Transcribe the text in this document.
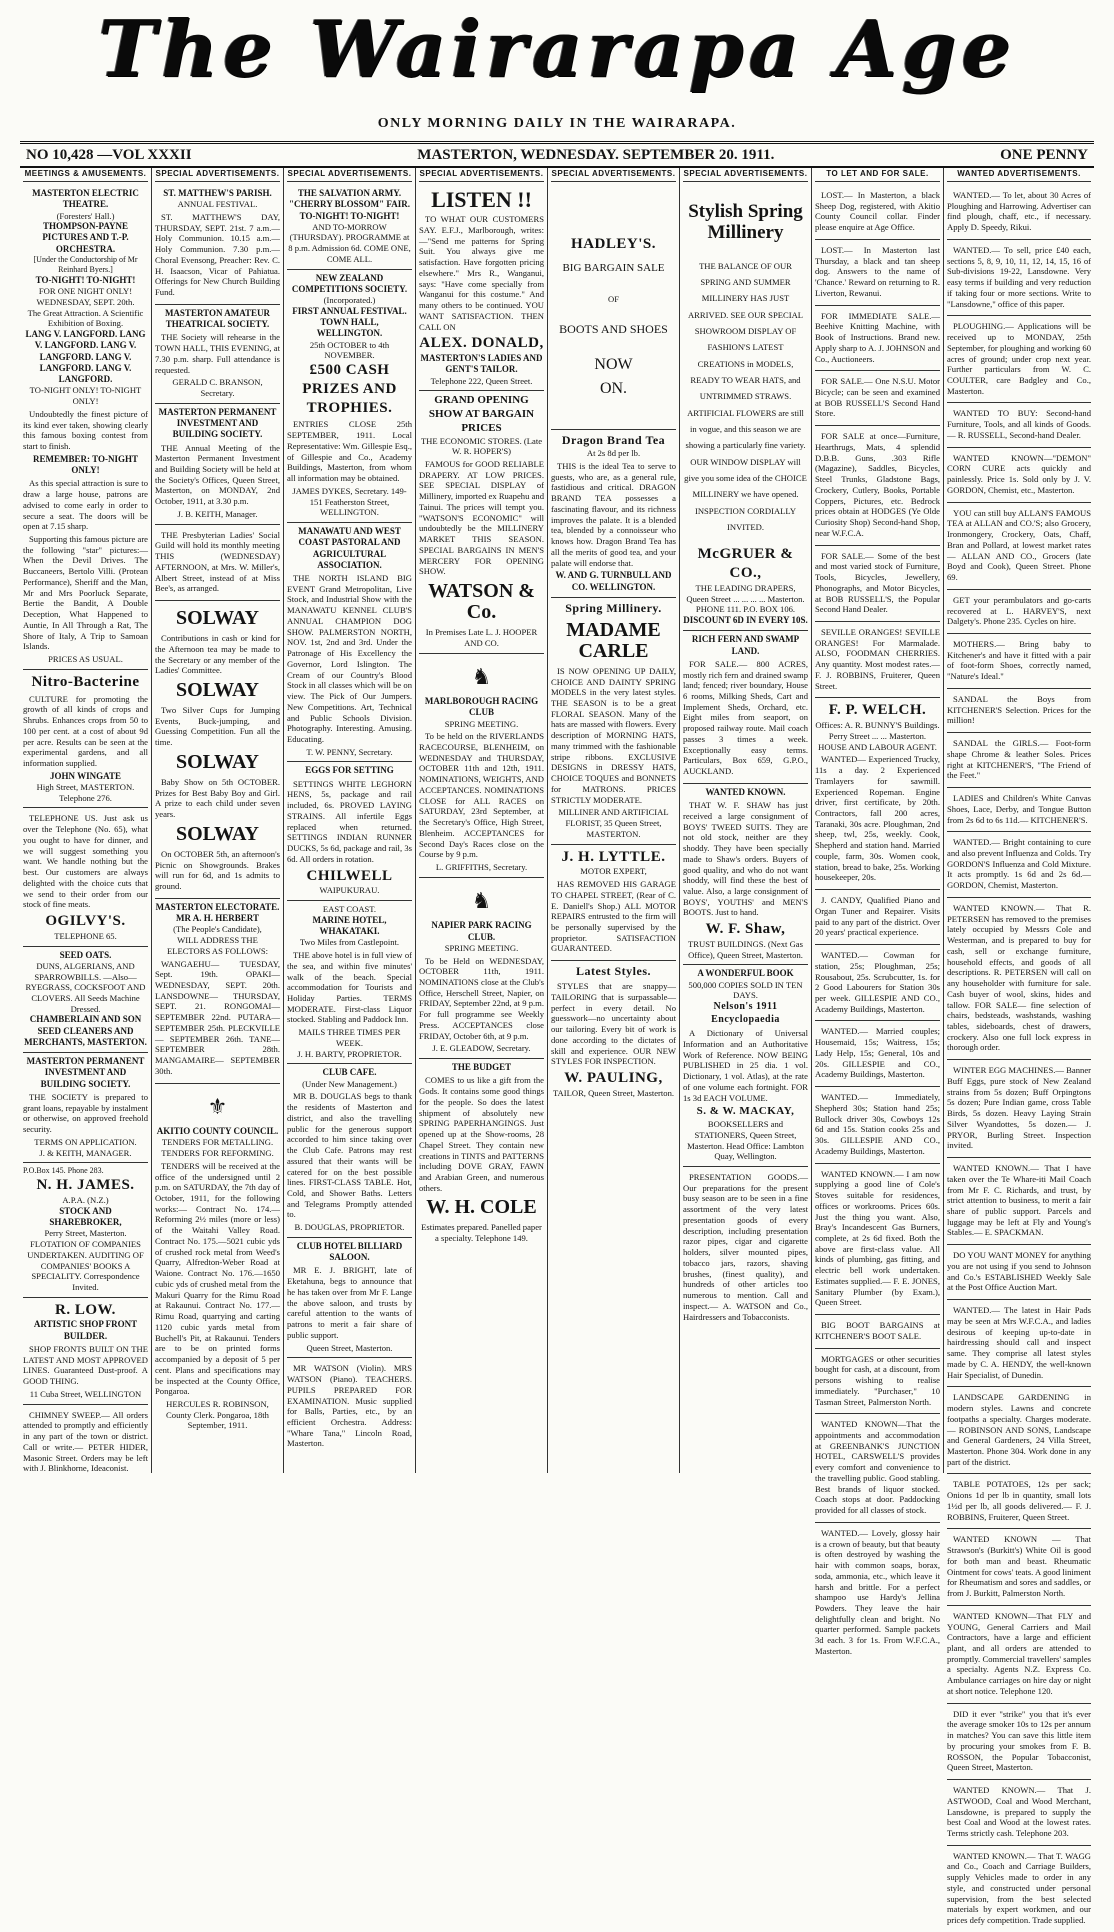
The Wairarapa Age
ONLY MORNING DAILY IN THE WAIRARAPA.
NO 10,428 —VOL XXXII	MASTERTON, WEDNESDAY. SEPTEMBER 20. 1911.	ONE PENNY
MEETINGS & AMUSEMENTS.
MASTERTON ELECTRIC THEATRE.
(Foresters' Hall.)
THOMPSON-PAYNE PICTURES AND T.-P. ORCHESTRA.
[Under the Conductorship of Mr Reinhard Byers.]
TO-NIGHT! TO-NIGHT!
FOR ONE NIGHT ONLY! WEDNESDAY, SEPT. 20th.
The Great Attraction. A Scientific Exhibition of Boxing.
LANG V. LANGFORD. LANG V. LANGFORD. LANG V. LANGFORD. LANG V. LANGFORD. LANG V. LANGFORD.
TO-NIGHT ONLY! TO-NIGHT ONLY!
Undoubtedly the finest picture of its kind ever taken, showing clearly this famous boxing contest from start to finish.
REMEMBER: TO-NIGHT ONLY!
As this special attraction is sure to draw a large house, patrons are advised to come early in order to secure a seat. The doors will be open at 7.15 sharp.
Supporting this famous picture are the following "star" pictures:— When the Devil Drives. The Buccaneers, Bertolo Villi. (Protean Performance), Sheriff and the Man, Mr and Mrs Poorluck Separate, Bertie the Bandit, A Double Deception, What Happened to Auntie, In All Through a Rat, The Shore of Italy, A Trip to Samoan Islands.
PRICES AS USUAL.
Nitro-Bacterine
CULTURE for promoting the growth of all kinds of crops and Shrubs. Enhances crops from 50 to 100 per cent. at a cost of about 9d per acre. Results can be seen at the experimental gardens, and all information supplied.
JOHN WINGATE
High Street, MASTERTON.
Telephone 276.
TELEPHONE US. Just ask us over the Telephone (No. 65), what you ought to have for dinner, and we will suggest something you want. We handle nothing but the best. Our customers are always delighted with the choice cuts that we send to their order from our stock of fine meats.
OGILVY'S.
TELEPHONE 65.
SEED OATS.
DUNS, ALGERIANS, AND SPARROWBILLS. —Also— RYEGRASS, COCKSFOOT AND CLOVERS. All Seeds Machine Dressed.
CHAMBERLAIN AND SON SEED CLEANERS AND MERCHANTS, MASTERTON.
MASTERTON PERMANENT INVESTMENT AND BUILDING SOCIETY.
THE SOCIETY is prepared to grant loans, repayable by instalment or otherwise, on approved freehold security.
TERMS ON APPLICATION.
J. & KEITH, MANAGER.
P.O.Box 145. Phone 283.
N. H. JAMES.
A.P.A. (N.Z.)
STOCK AND SHAREBROKER,
Perry Street, Masterton.
FLOTATION OF COMPANIES UNDERTAKEN. AUDITING OF COMPANIES' BOOKS A SPECIALITY. Correspondence Invited.
R. LOW.
ARTISTIC SHOP FRONT BUILDER.
SHOP FRONTS BUILT ON THE LATEST AND MOST APPROVED LINES. Guaranteed Dust-proof. A GOOD THING.
11 Cuba Street, WELLINGTON
CHIMNEY SWEEP.— All orders attended to promptly and efficiently in any part of the town or district. Call or write.— PETER HIDER, Masonic Street. Orders may be left with J. Blinkhorne, Ideaconist.
SPECIAL ADVERTISEMENTS.
ST. MATTHEW'S PARISH.
ANNUAL FESTIVAL.
ST. MATTHEW'S DAY, THURSDAY, SEPT. 21st. 7 a.m.—Holy Communion. 10.15 a.m.—Holy Communion. 7.30 p.m.—Choral Evensong, Preacher: Rev. C. H. Isaacson, Vicar of Pahiatua. Offerings for New Church Building Fund.
MASTERTON AMATEUR THEATRICAL SOCIETY.
THE Society will rehearse in the TOWN HALL, THIS EVENING, at 7.30 p.m. sharp. Full attendance is requested.
GERALD C. BRANSON, Secretary.
MASTERTON PERMANENT INVESTMENT AND BUILDING SOCIETY.
THE Annual Meeting of the Masterton Permanent Investment and Building Society will be held at the Society's Offices, Queen Street, Masterton, on MONDAY, 2nd October, 1911, at 3.30 p.m.
J. B. KEITH, Manager.
THE Presbyterian Ladies' Social Guild will hold its monthly meeting THIS (WEDNESDAY) AFTERNOON, at Mrs. W. Miller's, Albert Street, instead of at Miss Bee's, as arranged.
SOLWAY
Contributions in cash or kind for the Afternoon tea may be made to the Secretary or any member of the Ladies' Committee.
SOLWAY
Two Silver Cups for Jumping Events, Buck-jumping, and Guessing Competition. Fun all the time.
SOLWAY
Baby Show on 5th OCTOBER. Prizes for Best Baby Boy and Girl. A prize to each child under seven years.
SOLWAY
On OCTOBER 5th, an afternoon's Picnic on Showgrounds. Brakes will run for 6d, and 1s admits to ground.
MASTERTON ELECTORATE.
MR A. H. HERBERT
(The People's Candidate),
WILL ADDRESS THE ELECTORS AS FOLLOWS:
WANGAEHU— TUESDAY, Sept. 19th. OPAKI— WEDNESDAY, SEPT. 20th. LANSDOWNE— THURSDAY, SEPT. 21. RONGOMAI— SEPTEMBER 22nd. PUTARA— SEPTEMBER 25th. PLECKVILLE— SEPTEMBER 26th. TANE— SEPTEMBER 28th. MANGAMAIRE— SEPTEMBER 30th.
⚜
AKITIO COUNTY COUNCIL.
TENDERS FOR METALLING. TENDERS FOR REFORMING.
TENDERS will be received at the office of the undersigned until 2 p.m. on SATURDAY, the 7th day of October, 1911, for the following works:— Contract No. 174.—Reforming 2½ miles (more or less) of the Waitahi Valley Road. Contract No. 175.—5021 cubic yds of crushed rock metal from Weed's Quarry, Alfredton-Weber Road at Waione. Contract No. 176.—1650 cubic yds of crushed metal from the Makuri Quarry for the Rimu Road at Rakaunui. Contract No. 177.—Rimu Road, quarrying and carting 1120 cubic yards metal from Buchell's Pit, at Rakaunui. Tenders are to be on printed forms accompanied by a deposit of 5 per cent. Plans and specifications may be inspected at the County Office, Pongaroa.
HERCULES R. ROBINSON, County Clerk. Pongaroa, 18th September, 1911.
SPECIAL ADVERTISEMENTS.
THE SALVATION ARMY.
"CHERRY BLOSSOM" FAIR.
TO-NIGHT! TO-NIGHT!
AND TO-MORROW (THURSDAY). PROGRAMME at 8 p.m. Admission 6d. COME ONE, COME ALL.
NEW ZEALAND COMPETITIONS SOCIETY.
(Incorporated.)
FIRST ANNUAL FESTIVAL.
TOWN HALL, WELLINGTON.
25th OCTOBER to 4th NOVEMBER.
£500 CASH PRIZES AND TROPHIES.
ENTRIES CLOSE 25th SEPTEMBER, 1911. Local Representative: Wm. Gillespie Esq., of Gillespie and Co., Academy Buildings, Masterton, from whom all information may be obtained.
JAMES DYKES, Secretary. 149-151 Featherston Street, WELLINGTON.
MANAWATU AND WEST COAST PASTORAL AND AGRICULTURAL ASSOCIATION.
THE NORTH ISLAND BIG EVENT Grand Metropolitan, Live Stock, and Industrial Show with the MANAWATU KENNEL CLUB'S ANNUAL CHAMPION DOG SHOW. PALMERSTON NORTH, NOV. 1st, 2nd and 3rd. Under the Patronage of His Excellency the Governor, Lord Islington. The Cream of our Country's Blood Stock in all classes which will be on view. The Pick of Our Jumpers. New Competitions. Art, Technical and Public Schools Division. Photography. Interesting. Amusing. Educating.
T. W. PENNY, Secretary.
EGGS FOR SETTING
SETTINGS WHITE LEGHORN HENS, 5s, package and rail included, 6s. PROVED LAYING STRAINS. All infertile Eggs replaced when returned. SETTINGS INDIAN RUNNER DUCKS, 5s 6d, package and rail, 3s 6d. All orders in rotation.
CHILWELL
WAIPUKURAU.
EAST COAST.
MARINE HOTEL, WHAKATAKI.
Two Miles from Castlepoint.
THE above hotel is in full view of the sea, and within five minutes' walk of the beach. Special accommodation for Tourists and Holiday Parties. TERMS MODERATE. First-class Liquor stocked. Stabling and Paddock Inn.
MAILS THREE TIMES PER WEEK.
J. H. BARTY, PROPRIETOR.
CLUB CAFE.
(Under New Management.)
MR B. DOUGLAS begs to thank the residents of Masterton and district, and also the travelling public for the generous support accorded to him since taking over the Club Cafe. Patrons may rest assured that their wants will be catered for on the best possible lines. FIRST-CLASS TABLE. Hot, Cold, and Shower Baths. Letters and Telegrams Promptly attended to.
B. DOUGLAS, PROPRIETOR.
CLUB HOTEL BILLIARD SALOON.
MR E. J. BRIGHT, late of Eketahuna, begs to announce that he has taken over from Mr F. Lange the above saloon, and trusts by careful attention to the wants of patrons to merit a fair share of public support.
Queen Street, Masterton.
MR WATSON (Violin). MRS WATSON (Piano). TEACHERS. PUPILS PREPARED FOR EXAMINATION. Music supplied for Balls, Parties, etc., by an efficient Orchestra. Address: "Whare Tana," Lincoln Road, Masterton.
SPECIAL ADVERTISEMENTS.
LISTEN !!
TO WHAT OUR CUSTOMERS SAY. E.F.J., Marlborough, writes:—"Send me patterns for Spring Suit. You always give me satisfaction. Have forgotten pricing elsewhere." Mrs R., Wanganui, says: "Have come specially from Wanganui for this costume." And many others to be continued. YOU WANT SATISFACTION. THEN CALL ON
ALEX. DONALD,
MASTERTON'S LADIES AND GENT'S TAILOR.
Telephone 222, Queen Street.
GRAND OPENING SHOW AT BARGAIN PRICES
THE ECONOMIC STORES. (Late W. R. HOPER'S)
FAMOUS for GOOD RELIABLE DRAPERY. AT LOW PRICES. SEE SPECIAL DISPLAY of Millinery, imported ex Ruapehu and Tainui. The prices will tempt you. "WATSON'S ECONOMIC" will undoubtedly be the MILLINERY MARKET THIS SEASON. SPECIAL BARGAINS IN MEN'S MERCERY FOR OPENING SHOW.
WATSON & Co.
In Premises Late L. J. HOOPER AND CO.
♞
MARLBOROUGH RACING CLUB
SPRING MEETING.
To be held on the RIVERLANDS RACECOURSE, BLENHEIM, on WEDNESDAY and THURSDAY, OCTOBER 11th and 12th, 1911. NOMINATIONS, WEIGHTS, AND ACCEPTANCES. NOMINATIONS CLOSE for ALL RACES on SATURDAY, 23rd September, at the Secretary's Office, High Street, Blenheim. ACCEPTANCES for Second Day's Races close on the Course by 9 p.m.
L. GRIFFITHS, Secretary.
♞
NAPIER PARK RACING CLUB.
SPRING MEETING.
To be Held on WEDNESDAY, OCTOBER 11th, 1911. NOMINATIONS close at the Club's Office, Herschell Street, Napier, on FRIDAY, September 22nd, at 9 p.m. For full programme see Weekly Press. ACCEPTANCES close FRIDAY, October 6th, at 9 p.m.
J. E. GLEADOW, Secretary.
THE BUDGET
COMES to us like a gift from the Gods. It contains some good things for the people. So does the latest shipment of absolutely new SPRING PAPERHANGINGS. Just opened up at the Show-rooms, 28 Chapel Street. They contain new creations in TINTS and PATTERNS including DOVE GRAY, FAWN and Arabian Green, and numerous others.
W. H. COLE
Estimates prepared. Panelled paper a specialty. Telephone 149.
SPECIAL ADVERTISEMENTS.
HADLEY'S.
BIG BARGAIN SALE
OF
BOOTS AND SHOES
NOW
ON.
Dragon Brand Tea
At 2s 8d per lb.
THIS is the ideal Tea to serve to guests, who are, as a general rule, fastidious and critical. DRAGON BRAND TEA possesses a fascinating flavour, and its richness improves the palate. It is a blended tea, blended by a connoisseur who knows how. Dragon Brand Tea has all the merits of good tea, and your palate will endorse that.
W. AND G. TURNBULL AND CO. WELLINGTON.
Spring Millinery.
MADAME CARLE
IS NOW OPENING UP DAILY, CHOICE AND DAINTY SPRING MODELS in the very latest styles. THE SEASON is to be a great FLORAL SEASON. Many of the hats are massed with flowers. Every description of MORNING HATS, many trimmed with the fashionable stripe ribbons. EXCLUSIVE DESIGNS in DRESSY HATS, CHOICE TOQUES and BONNETS for MATRONS. PRICES STRICTLY MODERATE.
MILLINER AND ARTIFICIAL FLORIST, 35 Queen Street, MASTERTON.
J. H. LYTTLE.
MOTOR EXPERT,
HAS REMOVED HIS GARAGE TO CHAPEL STREET, (Rear of C. E. Daniell's Shop.) ALL MOTOR REPAIRS entrusted to the firm will be personally supervised by the proprietor. SATISFACTION GUARANTEED.
Latest Styles.
STYLES that are snappy—TAILORING that is surpassable—perfect in every detail. No guesswork—no uncertainty about our tailoring. Every bit of work is done according to the dictates of skill and experience. OUR NEW STYLES FOR INSPECTION.
W. PAULING,
TAILOR, Queen Street, Masterton.
SPECIAL ADVERTISEMENTS.
Stylish Spring Millinery
THE BALANCE OF OUR SPRING AND SUMMER MILLINERY HAS JUST ARRIVED. SEE OUR SPECIAL SHOWROOM DISPLAY OF FASHION'S LATEST CREATIONS in MODELS, READY TO WEAR HATS, and UNTRIMMED STRAWS. ARTIFICIAL FLOWERS are still in vogue, and this season we are showing a particularly fine variety. OUR WINDOW DISPLAY will give you some idea of the CHOICE MILLINERY we have opened. INSPECTION CORDIALLY INVITED.
McGRUER & CO.,
THE LEADING DRAPERS,
Queen Street ... ... ... ... Masterton.
PHONE 111. P.O. BOX 106.
DISCOUNT 6D IN EVERY 10S.
RICH FERN AND SWAMP LAND.
FOR SALE.— 800 ACRES, mostly rich fern and drained swamp land; fenced; river boundary, House 6 rooms, Milking Sheds, Cart and Implement Sheds, Orchard, etc. Eight miles from seaport, on proposed railway route. Mail coach passes 3 times a week. Exceptionally easy terms. Particulars, Box 659, G.P.O., AUCKLAND.
WANTED KNOWN.
THAT W. F. SHAW has just received a large consignment of BOYS' TWEED SUITS. They are not old stock, neither are they shoddy. They have been specially made to Shaw's orders. Buyers of good quality, and who do not want shoddy, will find these the best of value. Also, a large consignment of BOYS', YOUTHS' and MEN'S BOOTS. Just to hand.
W. F. Shaw,
TRUST BUILDINGS. (Next Gas Office), Queen Street, Masterton.
A WONDERFUL BOOK
500,000 COPIES SOLD IN TEN DAYS.
Nelson's 1911 Encyclopaedia
A Dictionary of Universal Information and an Authoritative Work of Reference. NOW BEING PUBLISHED in 25 dia. 1 vol. Dictionary, 1 vol. Atlas), at the rate of one volume each fortnight. FOR 1s 3d EACH VOLUME.
S. & W. MACKAY,
BOOKSELLERS and STATIONERS, Queen Street, Masterton. Head Office: Lambton Quay, Wellington.
PRESENTATION GOODS.— Our preparations for the present busy season are to be seen in a fine assortment of the very latest presentation goods of every description, including presentation razor pipes, cigar and cigarette holders, silver mounted pipes, tobacco jars, razors, shaving brushes, (finest quality), and hundreds of other articles too numerous to mention. Call and inspect.— A. WATSON and Co., Hairdressers and Tobacconists.
TO LET AND FOR SALE.
LOST.— In Masterton, a black Sheep Dog, registered, with Akitio County Council collar. Finder please enquire at Age Office.
LOST.— In Masterton last Thursday, a black and tan sheep dog. Answers to the name of 'Chance.' Reward on returning to R. Liverton, Rewanui.
FOR IMMEDIATE SALE.— Beehive Knitting Machine, with Book of Instructions. Brand new. Apply sharp to A. J. JOHNSON and Co., Auctioneers.
FOR SALE.— One N.S.U. Motor Bicycle; can be seen and examined at BOB RUSSELL'S Second Hand Store.
FOR SALE at once—Furniture, Hearthrugs, Mats, 4 splendid D.B.B. Guns, .303 Rifle (Magazine), Saddles, Bicycles, Steel Trunks, Gladstone Bags, Crockery, Cutlery, Books, Portable Coppers, Pictures, etc. Bedrock prices obtain at HODGES (Ye Olde Curiosity Shop) Second-hand Shop, near W.F.C.A.
FOR SALE.— Some of the best and most varied stock of Furniture, Tools, Bicycles, Jewellery, Phonographs, and Motor Bicycles, at BOB RUSSELL'S, the Popular Second Hand Dealer.
SEVILLE ORANGES! SEVILLE ORANGES! For Marmalade. ALSO, FOODMAN CHERRIES. Any quantity. Most modest rates.— F. J. ROBBINS, Fruiterer, Queen Street.
F. P. WELCH.
Offices: A. R. BUNNY'S Buildings. Perry Street ... ... Masterton. HOUSE AND LABOUR AGENT.
WANTED— Experienced Trucky, 11s a day. 2 Experienced Tramlayers for sawmill. Experienced Ropeman. Engine driver, first certificate, by 20th. Contractors, fall 200 acres, Taranaki, 30s acre. Ploughman, 2nd sheep, twl, 25s, weekly. Cook, Shepherd and station hand. Married couple, farm, 30s. Women cook, station, bread to bake, 25s. Working housekeeper, 20s.
J. CANDY, Qualified Piano and Organ Tuner and Repairer. Visits paid to any part of the district. Over 20 years' practical experience.
WANTED.— Cowman for station, 25s; Ploughman, 25s; Rousabout, 25s. Scrubcutter, 1s. for 2 Good Labourers for Station 30s per week. GILLESPIE AND CO., Academy Buildings, Masterton.
WANTED.— Married couples; Housemaid, 15s; Waitress, 15s; Lady Help, 15s; General, 10s and 20s. GILLESPIE and CO., Academy Buildings, Masterton.
WANTED.— Immediately, Shepherd 30s; Station hand 25s; Bullock driver 30s, Cowboys 12s 6d and 15s. Station cooks 25s and 30s. GILLESPIE AND CO., Academy Buildings, Masterton.
WANTED KNOWN.— I am now supplying a good line of Cole's Stoves suitable for residences, offices or workrooms. Prices 60s. Just the thing you want. Also, Bray's Incandescent Gas Burners, complete, at 2s 6d fixed. Both the above are first-class value. All kinds of plumbing, gas fitting, and electric bell work undertaken. Estimates supplied.— F. E. JONES, Sanitary Plumber (by Exam.), Queen Street.
BIG BOOT BARGAINS at KITCHENER'S BOOT SALE.
MORTGAGES or other securities bought for cash, at a discount, from persons wishing to realise immediately. "Purchaser," 10 Tasman Street, Palmerston North.
WANTED KNOWN—That the appointments and accommodation at GREENBANK'S JUNCTION HOTEL, CARSWELL'S provides every comfort and convenience to the travelling public. Good stabling. Best brands of liquor stocked. Coach stops at door. Paddocking provided for all classes of stock.
WANTED.— Lovely, glossy hair is a crown of beauty, but that beauty is often destroyed by washing the hair with common soaps, borax, soda, ammonia, etc., which leave it harsh and brittle. For a perfect shampoo use Hardy's Jellina Powders. They leave the hair delightfully clean and bright. No quarter performed. Sample packets 3d each. 3 for 1s. From W.F.C.A., Masterton.
WANTED ADVERTISEMENTS.
WANTED.— To let, about 30 Acres of Ploughing and Harrowing. Advertiser can find plough, chaff, etc., if necessary. Apply D. Speedy, Rikui.
WANTED.— To sell, price £40 each, sections 5, 8, 9, 10, 11, 12, 14, 15, 16 of Sub-divisions 19-22, Lansdowne. Very easy terms if building and very reduction if taking four or more sections. Write to "Lansdowne," office of this paper.
PLOUGHING.— Applications will be received up to MONDAY, 25th September, for ploughing and working 60 acres of ground; under crop next year. Further particulars from W. C. COULTER, care Badgley and Co., Masterton.
WANTED TO BUY: Second-hand Furniture, Tools, and all kinds of Goods.— R. RUSSELL, Second-hand Dealer.
WANTED KNOWN—"DEMON" CORN CURE acts quickly and painlessly. Price 1s. Sold only by J. V. GORDON, Chemist, etc., Masterton.
YOU can still buy ALLAN'S FAMOUS TEA at ALLAN and CO.'S; also Grocery, Ironmongery, Crockery, Oats, Chaff, Bran and Pollard, at lowest market rates— ALLAN AND CO., Grocers (late Boyd and Cook), Queen Street. Phone 69.
GET your perambulators and go-carts recovered at L. HARVEY'S, next Dalgety's. Phone 235. Cycles on hire.
MOTHERS.— Bring baby to Kitchener's and have it fitted with a pair of foot-form Shoes, correctly named, "Nature's Ideal."
SANDAL the Boys from KITCHENER'S Selection. Prices for the million!
SANDAL the GIRLS.— Foot-form shape Chrome & leather Soles. Prices right at KITCHENER'S, "The Friend of the Feet."
LADIES and Children's White Canvas Shoes, Lace, Derby, and Tongue Button from 2s 6d to 6s 11d.— KITCHENER'S.
WANTED.— Bright containing to cure and also prevent Influenza and Colds. Try GORDON'S Influenza and Cold Mixture. It acts promptly. 1s 6d and 2s 6d.— GORDON, Chemist, Masterton.
WANTED KNOWN.— That R. PETERSEN has removed to the premises lately occupied by Messrs Cole and Westerman, and is prepared to buy for cash, sell or exchange furniture, household effects, and goods of all descriptions. R. PETERSEN will call on any householder with furniture for sale. Cash buyer of wool, skins, hides and tallow. FOR SALE— fine selection of chairs, bedsteads, washstands, washing tables, sideboards, chest of drawers, crockery. Also one full lock express in thorough order.
WINTER EGG MACHINES.— Banner Buff Eggs, pure stock of New Zealand strains from 5s dozen; Buff Orpingtons 5s dozen; Pure Indian game, cross Table Birds, 5s dozen. Heavy Laying Strain Silver Wyandottes, 5s dozen.— J. PRYOR, Burling Street. Inspection invited.
WANTED KNOWN.— That I have taken over the Te Whare-iti Mail Coach from Mr F. C. Richards, and trust, by strict attention to business, to merit a fair share of public support. Parcels and luggage may be left at Fly and Young's Stables.— E. SPACKMAN.
DO YOU WANT MONEY for anything you are not using if you send to Johnson and Co.'s ESTABLISHED Weekly Sale at the Post Office Auction Mart.
WANTED.— The latest in Hair Pads may be seen at Mrs W.F.C.A., and ladies desirous of keeping up-to-date in hairdressing should call and inspect same. They comprise all latest styles made by C. A. HENDY, the well-known Hair Specialist, of Dunedin.
LANDSCAPE GARDENING in modern styles. Lawns and concrete footpaths a specialty. Charges moderate.— ROBINSON AND SONS, Landscape and General Gardeners, 24 Villa Street, Masterton. Phone 304. Work done in any part of the district.
TABLE POTATOES, 12s per sack; Onions 1d per lb in quantity, small lots 1½d per lb, all goods delivered.— F. J. ROBBINS, Fruiterer, Queen Street.
WANTED KNOWN — That Strawson's (Burkitt's) White Oil is good for both man and beast. Rheumatic Ointment for cows' teats. A good liniment for Rheumatism and sores and saddles, or from J. Burkitt, Palmerston North.
WANTED KNOWN—That FLY and YOUNG, General Carriers and Mail Contractors, have a large and efficient plant, and all orders are attended to promptly. Commercial travellers' samples a specialty. Agents N.Z. Express Co. Ambulance carriages on hire day or night at short notice. Telephone 120.
DID it ever "strike" you that it's ever the average smoker 10s to 12s per annum in matches? You can save this little item by procuring your smokes from F. B. ROSSON, the Popular Tobacconist, Queen Street, Masterton.
WANTED KNOWN.— That J. ASTWOOD, Coal and Wood Merchant, Lansdowne, is prepared to supply the best Coal and Wood at the lowest rates. Terms strictly cash. Telephone 203.
WANTED KNOWN.— That T. WAGG and Co., Coach and Carriage Builders, supply Vehicles made to order in any style, and constructed under personal supervision, from the best selected materials by expert workmen, and our prices defy competition. Trade supplied.
